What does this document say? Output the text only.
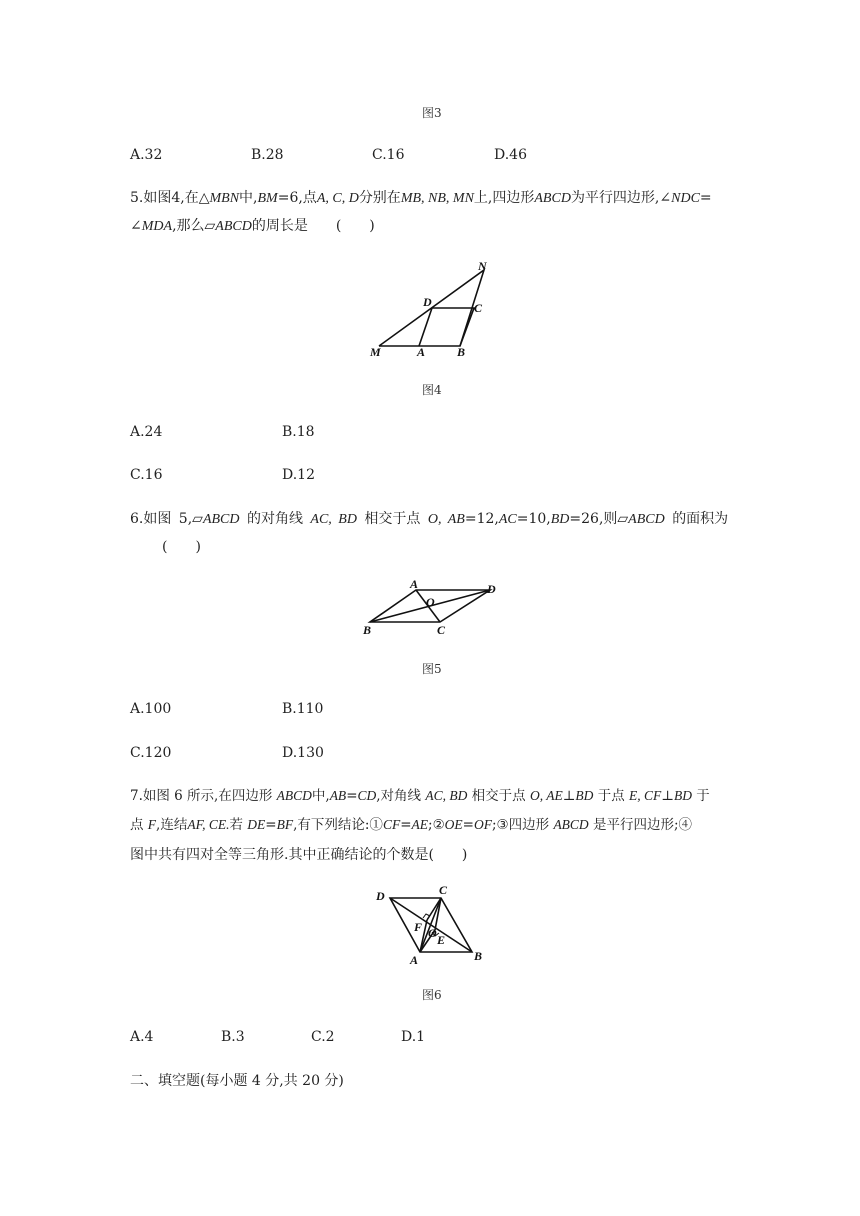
图3
A.32	B.28	C.16	D.46
5.如图4,在△MBN中,BM=6,点A, C, D分别在MB, NB, MN上,四边形ABCD为平行四边形,∠NDC=
∠MDA,那么▱ABCD的周长是 (　　)
N
D	C
M	A	B
图4
A.24	B.18
C.16	D.12
6.如图 5,▱ABCD 的对角线 AC, BD 相交于点 O, AB=12,AC=10,BD=26,则▱ABCD 的面积为
(　　)
A	D
O
B	C
图5
A.100	B.110
C.120	D.130
7.如图 6 所示,在四边形 ABCD中,AB=CD,对角线 AC, BD 相交于点 O, AE⊥BD 于点 E, CF⊥BD 于
点 F,连结AF, CE.若 DE=BF,有下列结论:①CF=AE;②OE=OF;③四边形 ABCD 是平行四边形;④
图中共有四对全等三角形.其中正确结论的个数是(　　)
D	C
F O E
A	B
图6
A.4	B.3	C.2	D.1
二、填空题(每小题 4 分,共 20 分)
